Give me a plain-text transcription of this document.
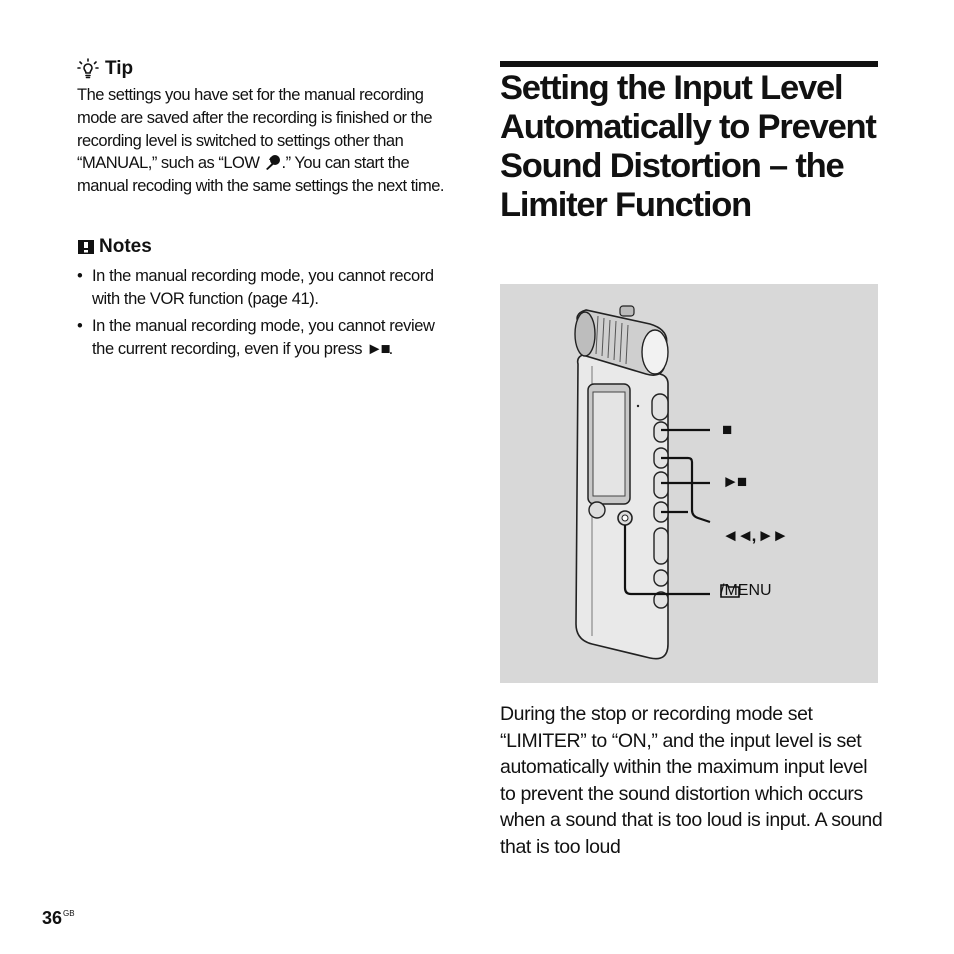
Tip
The settings you have set for the manual recording mode are saved after the recording is finished or the recording level is switched to settings other than “MANUAL,” such as “LOW .” You can start the manual recoding with the same settings the next time.
Notes
• In the manual recording mode, you cannot record with the VOR function (page 41).
• In the manual recording mode, you cannot review the current recording, even if you press ►■.
Setting the Input Level Automatically to Prevent Sound Distortion – the Limiter Function
■
►■
◄◄, ►►
/MENU
During the stop or recording mode set “LIMITER” to “ON,” and the input level is set automatically within the maximum input level to prevent the sound distortion which occurs when a sound that is too loud is input. A sound that is too loud
$36^{GB}$
